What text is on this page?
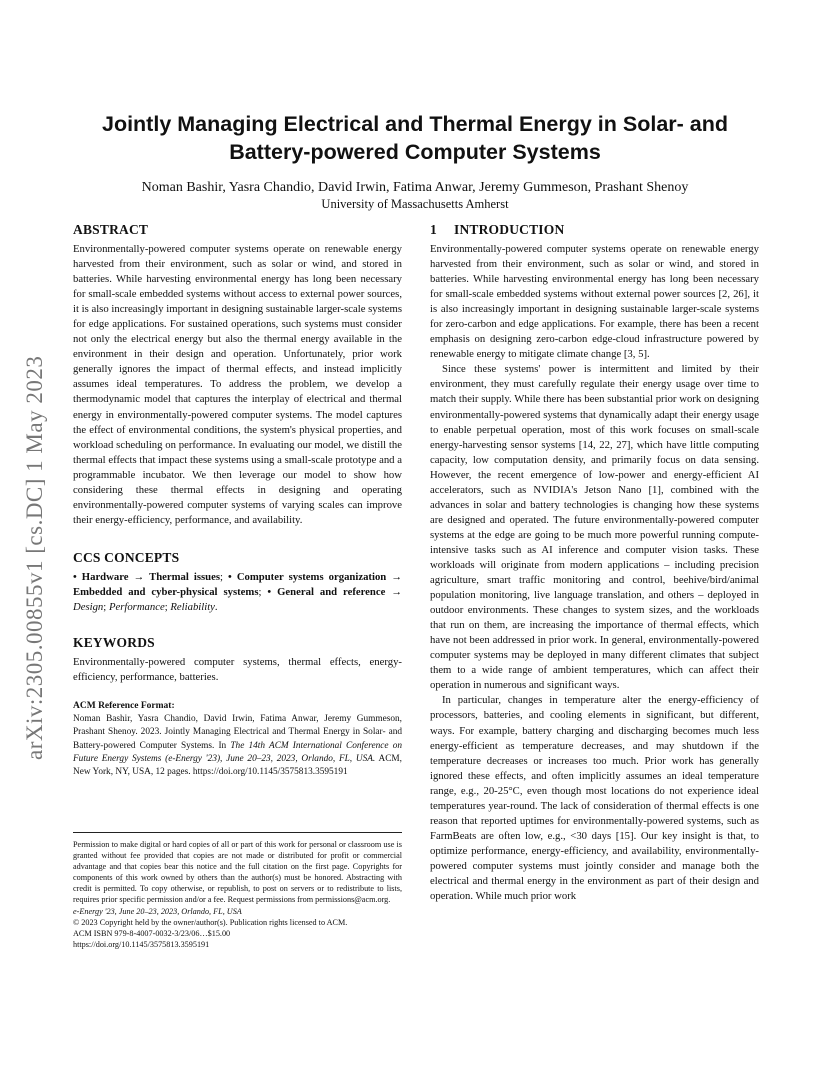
arXiv:2305.00855v1 [cs.DC] 1 May 2023
Jointly Managing Electrical and Thermal Energy in Solar- and Battery-powered Computer Systems
Noman Bashir, Yasra Chandio, David Irwin, Fatima Anwar, Jeremy Gummeson, Prashant Shenoy
University of Massachusetts Amherst
ABSTRACT

Environmentally-powered computer systems operate on renewable energy harvested from their environment, such as solar or wind, and stored in batteries. While harvesting environmental energy has long been necessary for small-scale embedded systems without access to external power sources, it is also increasingly important in designing sustainable larger-scale systems for edge applications. For sustained operations, such systems must consider not only the electrical energy but also the thermal energy available in the environment in their design and operation. Unfortunately, prior work generally ignores the impact of thermal effects, and instead implicitly assumes ideal temperatures. To address the problem, we develop a thermodynamic model that captures the interplay of electrical and thermal energy in environmentally-powered computer systems. The model captures the effect of environmental conditions, the system's physical properties, and workload scheduling on performance. In evaluating our model, we distill the thermal effects that impact these systems using a small-scale prototype and a programmable incubator. We then leverage our model to show how considering these thermal effects in designing and operating environmentally-powered computer systems of varying scales can improve their energy-efficiency, performance, and availability.

CCS CONCEPTS

• Hardware → Thermal issues; • Computer systems organization → Embedded and cyber-physical systems; • General and reference → Design; Performance; Reliability.

KEYWORDS

Environmentally-powered computer systems, thermal effects, energy-efficiency, performance, batteries.

ACM Reference Format:

Noman Bashir, Yasra Chandio, David Irwin, Fatima Anwar, Jeremy Gummeson, Prashant Shenoy. 2023. Jointly Managing Electrical and Thermal Energy in Solar- and Battery-powered Computer Systems. In The 14th ACM International Conference on Future Energy Systems (e-Energy '23), June 20–23, 2023, Orlando, FL, USA. ACM, New York, NY, USA, 12 pages. https://doi.org/10.1145/3575813.3595191

Permission to make digital or hard copies of all or part of this work for personal or classroom use is granted without fee provided that copies are not made or distributed for profit or commercial advantage and that copies bear this notice and the full citation on the first page. Copyrights for components of this work owned by others than the author(s) must be honored. Abstracting with credit is permitted. To copy otherwise, or republish, to post on servers or to redistribute to lists, requires prior specific permission and/or a fee. Request permissions from permissions@acm.org.

e-Energy '23, June 20–23, 2023, Orlando, FL, USA

© 2023 Copyright held by the owner/author(s). Publication rights licensed to ACM.

ACM ISBN 979-8-4007-0032-3/23/06…$15.00

https://doi.org/10.1145/3575813.3595191

1 INTRODUCTION

Environmentally-powered computer systems operate on renewable energy harvested from their environment, such as solar or wind, and stored in batteries. While harvesting environmental energy has long been necessary for small-scale embedded systems without external power sources [2, 26], it is also increasingly important in designing sustainable larger-scale systems for zero-carbon and edge applications. For example, there has been a recent emphasis on designing zero-carbon edge-cloud infrastructure powered by renewable energy to mitigate climate change [3, 5].

Since these systems' power is intermittent and limited by their environment, they must carefully regulate their energy usage over time to match their supply. While there has been substantial prior work on designing environmentally-powered systems that dynamically adapt their energy usage to enable perpetual operation, most of this work focuses on small-scale energy-harvesting sensor systems [14, 22, 27], which have little computing capacity, low computation density, and primarily focus on data sensing. However, the recent emergence of low-power and energy-efficient AI accelerators, such as NVIDIA's Jetson Nano [1], combined with the advances in solar and battery technologies is changing how these systems are designed and operated. The future environmentally-powered computer systems at the edge are going to be much more powerful running compute-intensive tasks such as AI inference and computer vision tasks. These workloads will originate from modern applications – including precision agriculture, smart traffic monitoring and control, beehive/bird/animal population monitoring, live language translation, and others – deployed in outdoor environments. These changes to system sizes, and the workloads that run on them, are increasing the importance of thermal effects, which have not been addressed in prior work. In general, environmentally-powered computer systems may be deployed in many different climates that subject them to a wide range of ambient temperatures, which can affect their operation in numerous and significant ways.

In particular, changes in temperature alter the energy-efficiency of processors, batteries, and cooling elements in significant, but different, ways. For example, battery charging and discharging becomes much less energy-efficient as temperature decreases, and may shutdown if the temperature decreases or increases too much. Prior work has generally ignored these effects, and often implicitly assumes an ideal temperature range, e.g., 20-25°C, even though most locations do not experience ideal temperatures year-round. The lack of consideration of thermal effects is one reason that reported uptimes for environmentally-powered systems, such as FarmBeats are often low, e.g., <30 days [15]. Our key insight is that, to optimize performance, energy-efficiency, and availability, environmentally-powered computer systems must jointly consider and manage both the electrical and thermal energy in the environment as part of their design and operation. While much prior work
